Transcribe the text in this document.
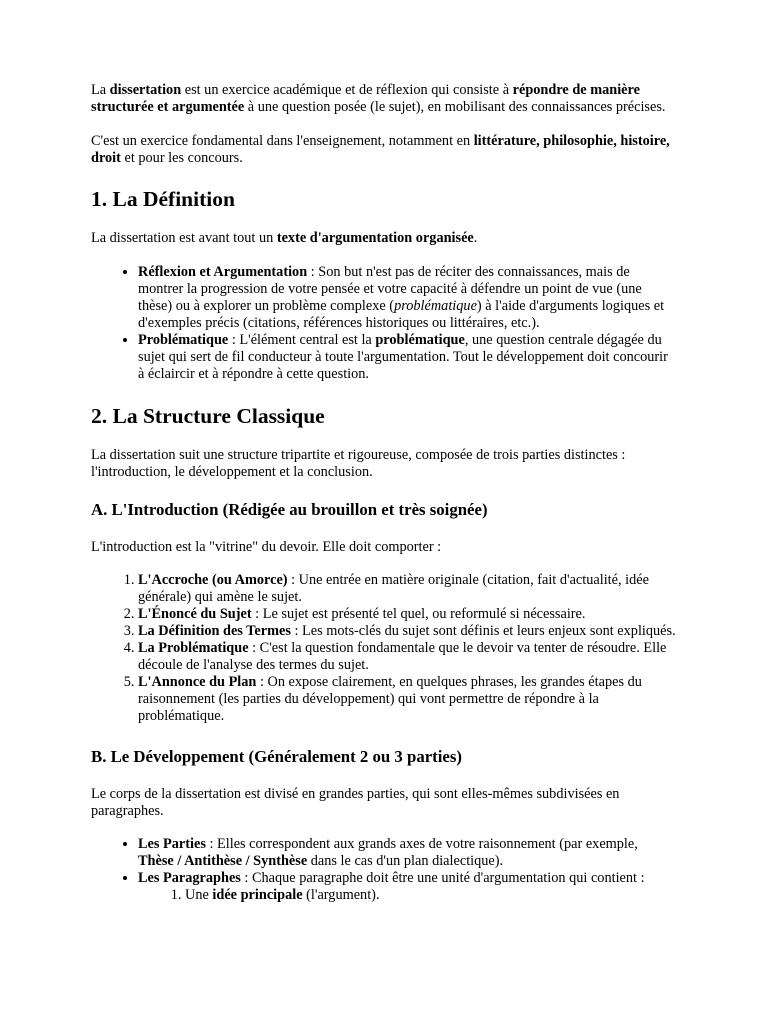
La dissertation est un exercice académique et de réflexion qui consiste à répondre de manière structurée et argumentée à une question posée (le sujet), en mobilisant des connaissances précises.

C'est un exercice fondamental dans l'enseignement, notamment en littérature, philosophie, histoire, droit et pour les concours.

1. La Définition

La dissertation est avant tout un texte d'argumentation organisée.

• Réflexion et Argumentation : Son but n'est pas de réciter des connaissances, mais de montrer la progression de votre pensée et votre capacité à défendre un point de vue (une thèse) ou à explorer un problème complexe (problématique) à l'aide d'arguments logiques et d'exemples précis (citations, références historiques ou littéraires, etc.).
• Problématique : L'élément central est la problématique, une question centrale dégagée du sujet qui sert de fil conducteur à toute l'argumentation. Tout le développement doit concourir à éclaircir et à répondre à cette question.
2. La Structure Classique

La dissertation suit une structure tripartite et rigoureuse, composée de trois parties distinctes : l'introduction, le développement et la conclusion.

A. L'Introduction (Rédigée au brouillon et très soignée)

L'introduction est la "vitrine" du devoir. Elle doit comporter :

1. L'Accroche (ou Amorce) : Une entrée en matière originale (citation, fait d'actualité, idée générale) qui amène le sujet.
2. L'Énoncé du Sujet : Le sujet est présenté tel quel, ou reformulé si nécessaire.
3. La Définition des Termes : Les mots-clés du sujet sont définis et leurs enjeux sont expliqués.
4. La Problématique : C'est la question fondamentale que le devoir va tenter de résoudre. Elle découle de l'analyse des termes du sujet.
5. L'Annonce du Plan : On expose clairement, en quelques phrases, les grandes étapes du raisonnement (les parties du développement) qui vont permettre de répondre à la problématique.
B. Le Développement (Généralement 2 ou 3 parties)

Le corps de la dissertation est divisé en grandes parties, qui sont elles-mêmes subdivisées en paragraphes.

• Les Parties : Elles correspondent aux grands axes de votre raisonnement (par exemple, Thèse / Antithèse / Synthèse dans le cas d'un plan dialectique).
• Les Paragraphes : Chaque paragraphe doit être une unité d'argumentation qui contient :
1. Une idée principale (l'argument).
